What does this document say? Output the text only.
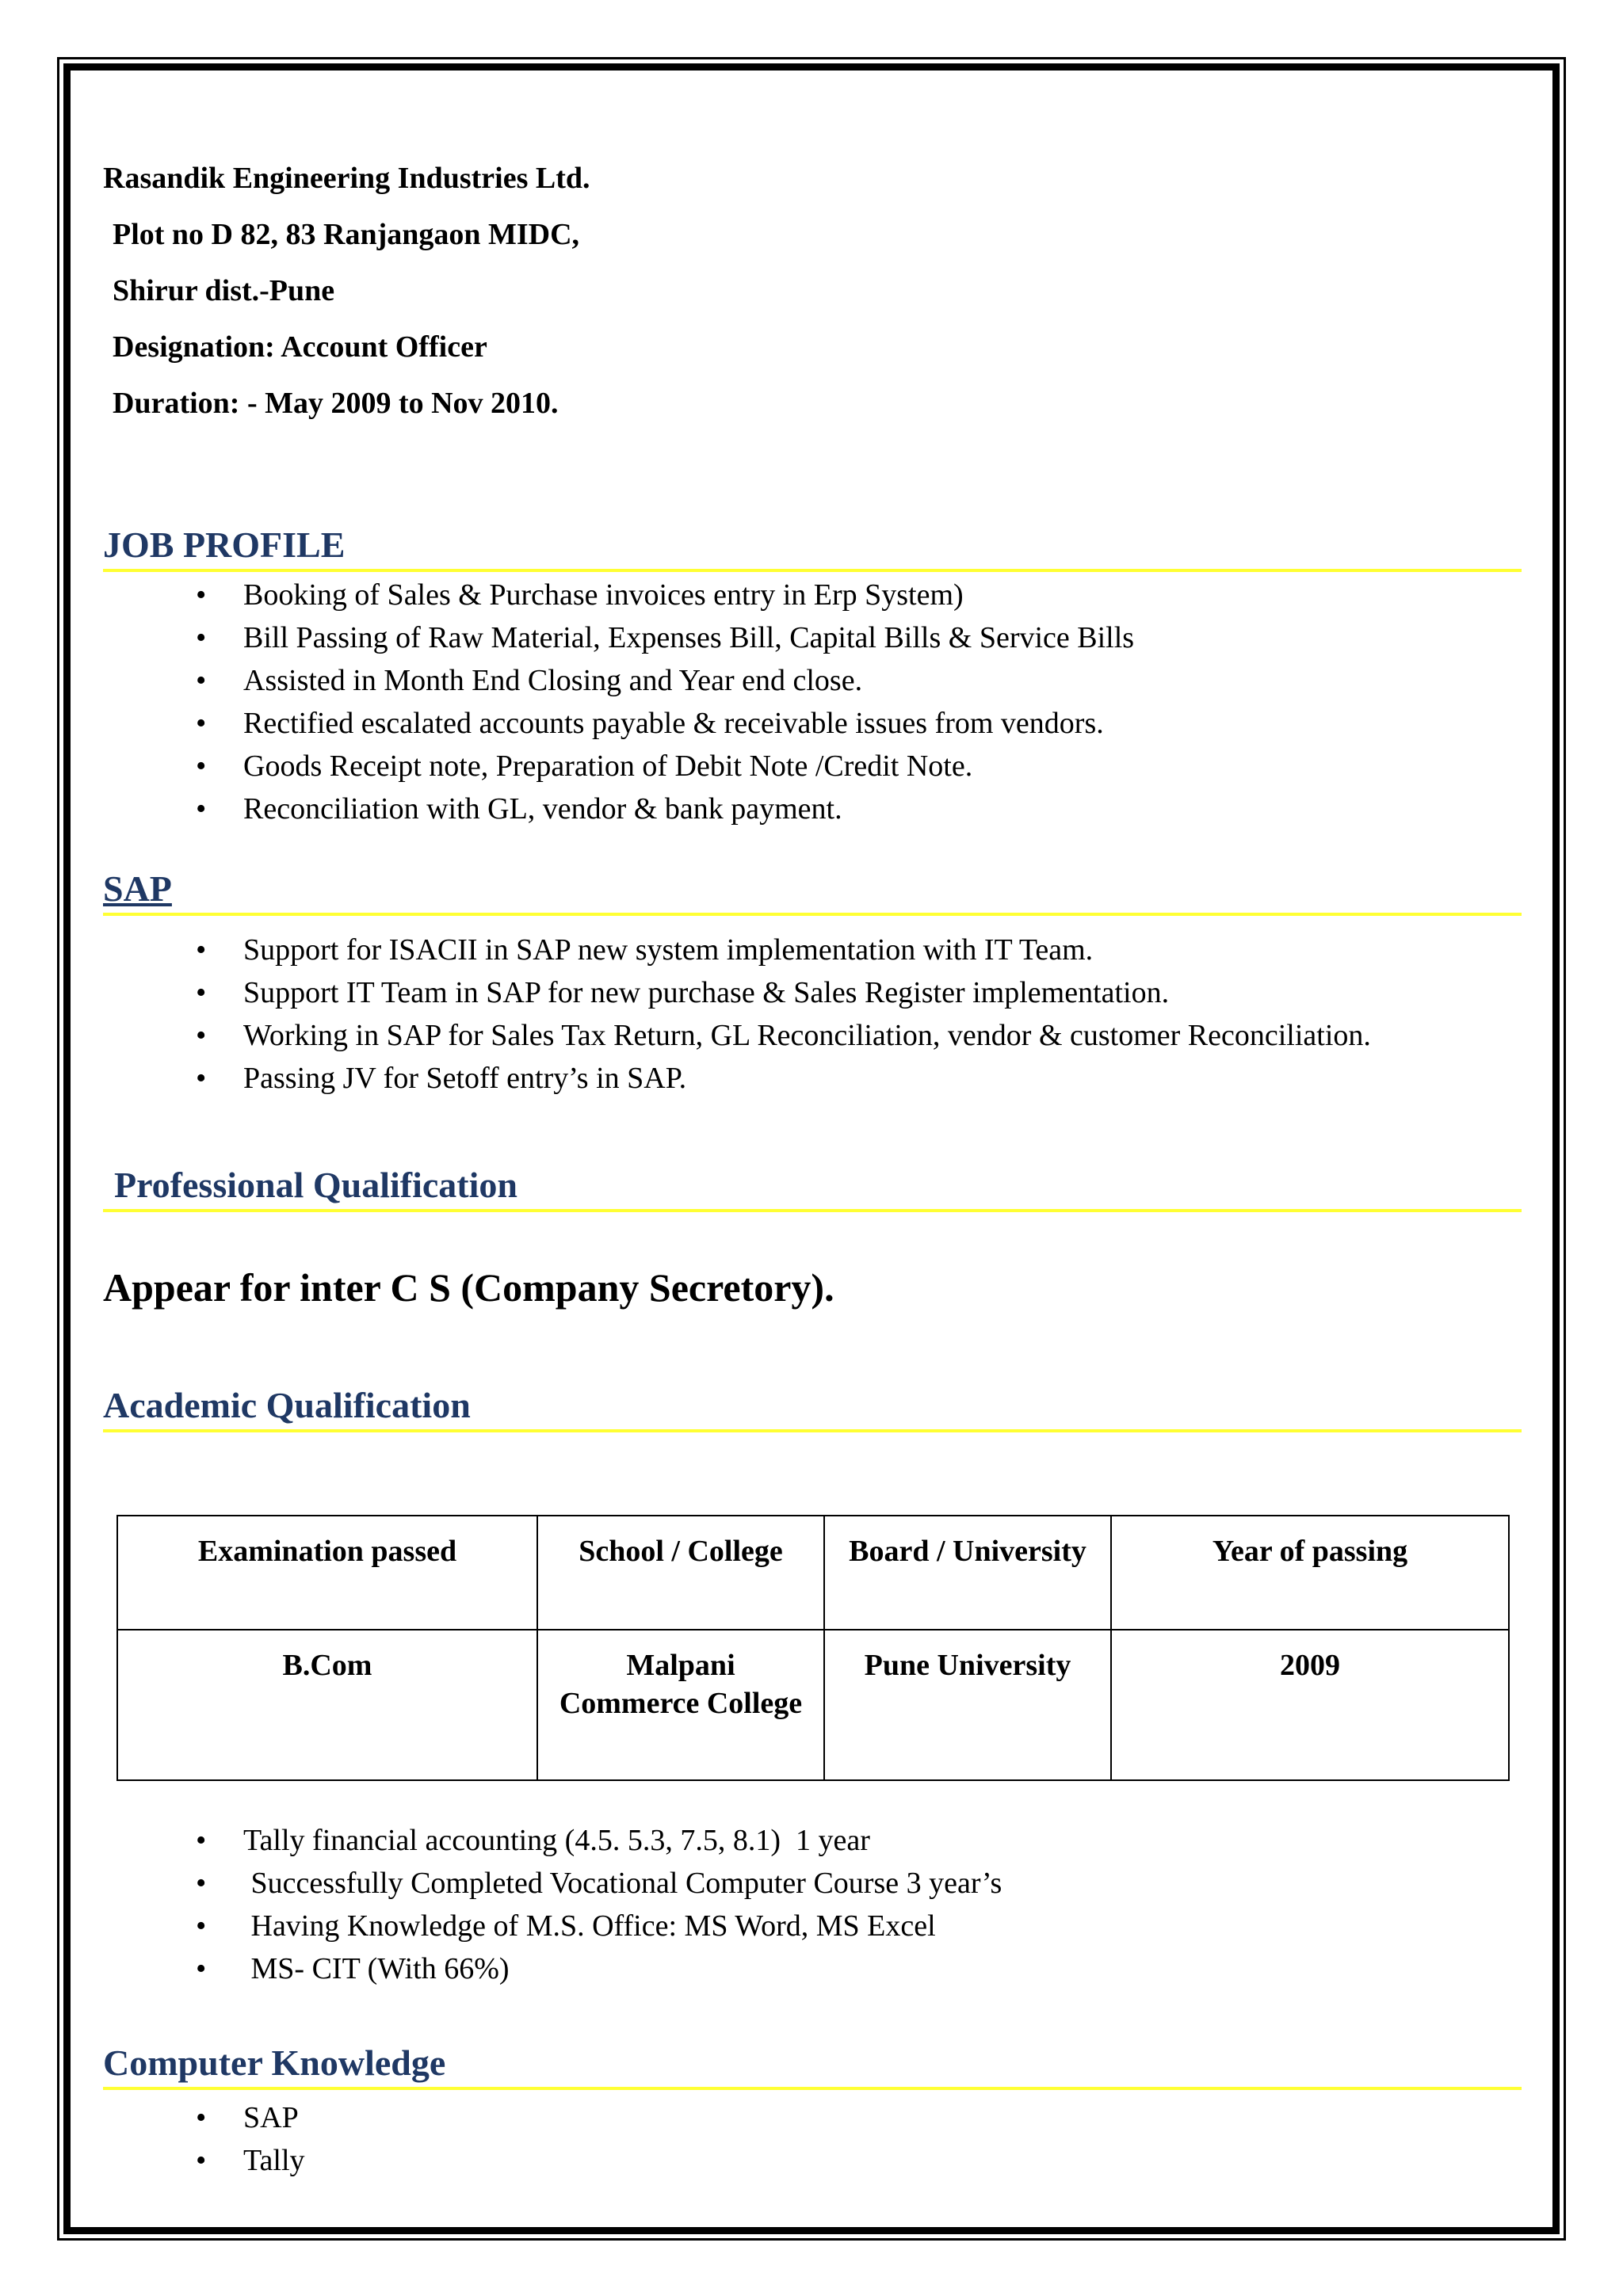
Rasandik Engineering Industries Ltd.

Plot no D 82, 83 Ranjangaon MIDC,

Shirur dist.-Pune

Designation: Account Officer

Duration: - May 2009 to Nov 2010.

JOB PROFILE
• Booking of Sales & Purchase invoices entry in Erp System)
• Bill Passing of Raw Material, Expenses Bill, Capital Bills & Service Bills
• Assisted in Month End Closing and Year end close.
• Rectified escalated accounts payable & receivable issues from vendors.
• Goods Receipt note, Preparation of Debit Note /Credit Note.
• Reconciliation with GL, vendor & bank payment.
SAP
• Support for ISACII in SAP new system implementation with IT Team.
• Support IT Team in SAP for new purchase & Sales Register implementation.
• Working in SAP for Sales Tax Return, GL Reconciliation, vendor & customer Reconciliation.
• Passing JV for Setoff entry’s in SAP.
Professional Qualification

Appear for inter C S (Company Secretory).

Academic Qualification
Examination passed	School / College	Board / University	Year of passing
B.Com	Malpani Commerce College	Pune University	2009
• Tally financial accounting (4.5. 5.3, 7.5, 8.1)  1 year
• Successfully Completed Vocational Computer Course 3 year’s
• Having Knowledge of M.S. Office: MS Word, MS Excel
• MS- CIT (With 66%)
Computer Knowledge
• SAP
• Tally
